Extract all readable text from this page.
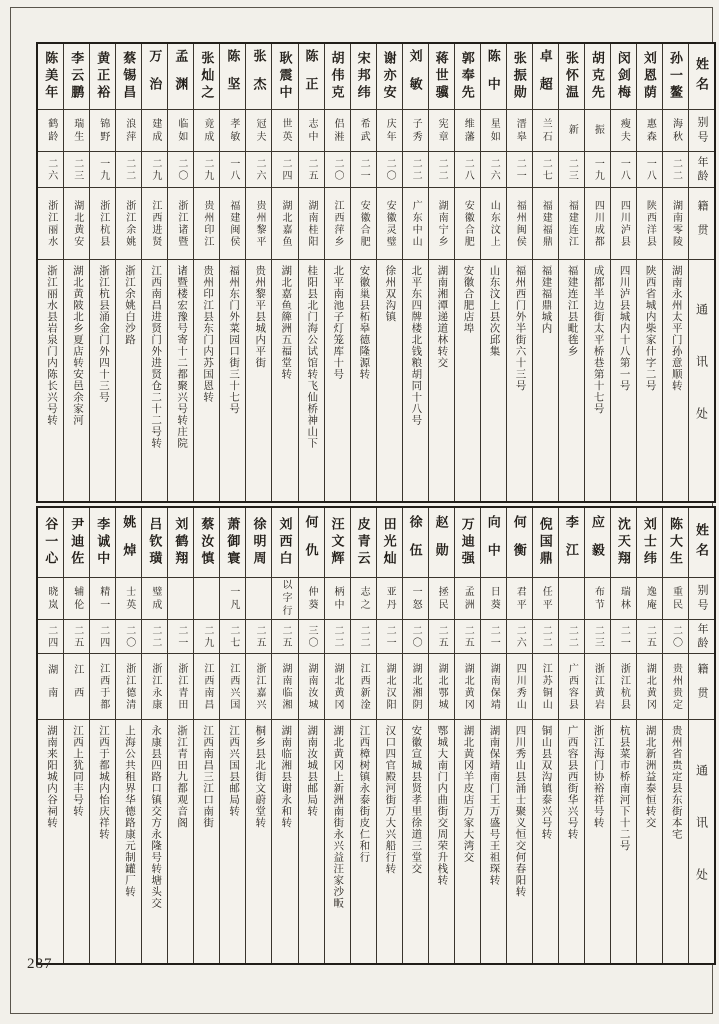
姓名
别号
年龄
籍贯
通讯处
孙一鳌
海秋
二二
湖南零陵
湖南永州太平门孙意顺转
刘恩荫
惠森
一八
陕西洋县
陕西省城内柴家什字二号
闵剑梅
瘦夫
一八
四川泸县
四川泸县城内十八第一号
胡克先
振
一九
四川成都
成都半边街太平桥巷第十七号
张怀温
新
二三
福建连江
福建连江县毗毪乡
卓超
兰石
二七
福建福鼎
福建福鼎城内
张振勋
溍皋
二一
福州闽侯
福州西门外半街六十三号
陈中
星如
二六
山东汶上
山东汶上县次邱集
郭奉先
维藩
二八
安徽合肥
安徽合肥店埠
蒋世骥
宪章
二二
湖南宁乡
湖南湘潭递道林转交
刘敏
子秀
二二
广东中山
北平东四牌楼北钱粮胡同十八号
谢亦安
庆年
二〇
安徽灵璧
徐州双沟镇
宋邦纬
希武
二一
安徽合肥
安徽巢县柘皋德隆源转
胡伟克
侣溎
二〇
江西萍乡
北平南池子灯笼库十号
陈正
志中
二五
湖南桂阳
桂阳县北门海公试馆转飞仙桥神山下
耿震中
世英
二四
湖北嘉鱼
湖北嘉鱼簰洲五福堂转
张杰
冠夫
二六
贵州黎平
贵州黎平县城内平街
陈坚
孝敏
一八
福建闽侯
福州东门外菜园口街三十七号
张灿之
竟成
二九
贵州印江
贵州印江县东门内苏国恩转
孟渊
临如
二〇
浙江诸暨
诸暨楼宏豫号寄十二都聚兴号转庄院
万治
建成
二九
江西进贤
江西南昌进贤门外进贤仓二十二号转
蔡锡昌
浪萍
二二
浙江余姚
浙江余姚白沙路
黄正裕
锦野
一九
浙江杭县
浙江杭县涌金门外四十三号
李云鹏
瑞生
二三
湖北黄安
湖北黄陂北乡夏店转安邑余家河
陈美年
鹤龄
二六
浙江丽水
浙江丽水县岩泉门内陈长兴号转
姓名
别号
年龄
籍贯
通讯处
陈大生
重民
二〇
贵州贵定
贵州省贵定县东街本宅
刘士纬
逸庵
二五
湖北黄冈
湖北新洲益泰恒转交
沈天翔
瑞林
二一
浙江杭县
杭县菜市桥南河下十二号
应毅
布节
二三
浙江黄岩
浙江海门协裕祥号转
李江
二二
广西容县
广西容县西街华兴号转
倪国鼎
任平
二二
江苏铜山
铜山县双沟镇泰兴号转
何衡
君平
二六
四川秀山
四川秀山县涌士聚义恒交何春阳转
向中
日葵
二一
湖南保靖
湖南保靖南门王万盛号王祖琛转
万迪强
孟洲
二五
湖北黄冈
湖北黄冈羊皮店万家大湾交
赵勋
拯民
二五
湖北鄂城
鄂城大南门内曲街交周荣升栈转
徐伍
一怒
二〇
湖北湘阴
安徽宣城县贤孝里徐道三堂交
田光灿
亚丹
二一
湖北汉阳
汉口四官殿河街万大兴船行转
皮青云
志之
二二
江西新淦
江西樟树镇永泰街皮仁和行
汪文辉
柄中
二二
湖北黄冈
湖北黄冈上新洲南街永兴益汪家沙畈
何仇
仲葵
三〇
湖南汝城
湖南汝城县邮局转
刘西白
以字行
二五
湖南临湘
湖南临湘县谢永和转
徐明周
二五
浙江嘉兴
桐乡县北街文蔚堂转
萧御寰
一凡
二七
江西兴国
江西兴国县邮局转
蔡汝慎
二九
江西南昌
江西南昌三江口南街
刘鹤翔
二一
浙江青田
浙江青田九都观音阁
吕钦璜
璧成
二二
浙江永康
永康县四路口镇交方永隆号转塘头交
姚焯
士英
二〇
浙江德清
上海公共租界华德路康元制罐厂转
李诚中
精一
二四
江西于都
江西于都城内怡庆祥转
尹迪佐
辅伦
二五
江西
江西上犹同丰号转
谷一心
晓岚
二四
湖南
湖南来阳城内谷祠转
287
